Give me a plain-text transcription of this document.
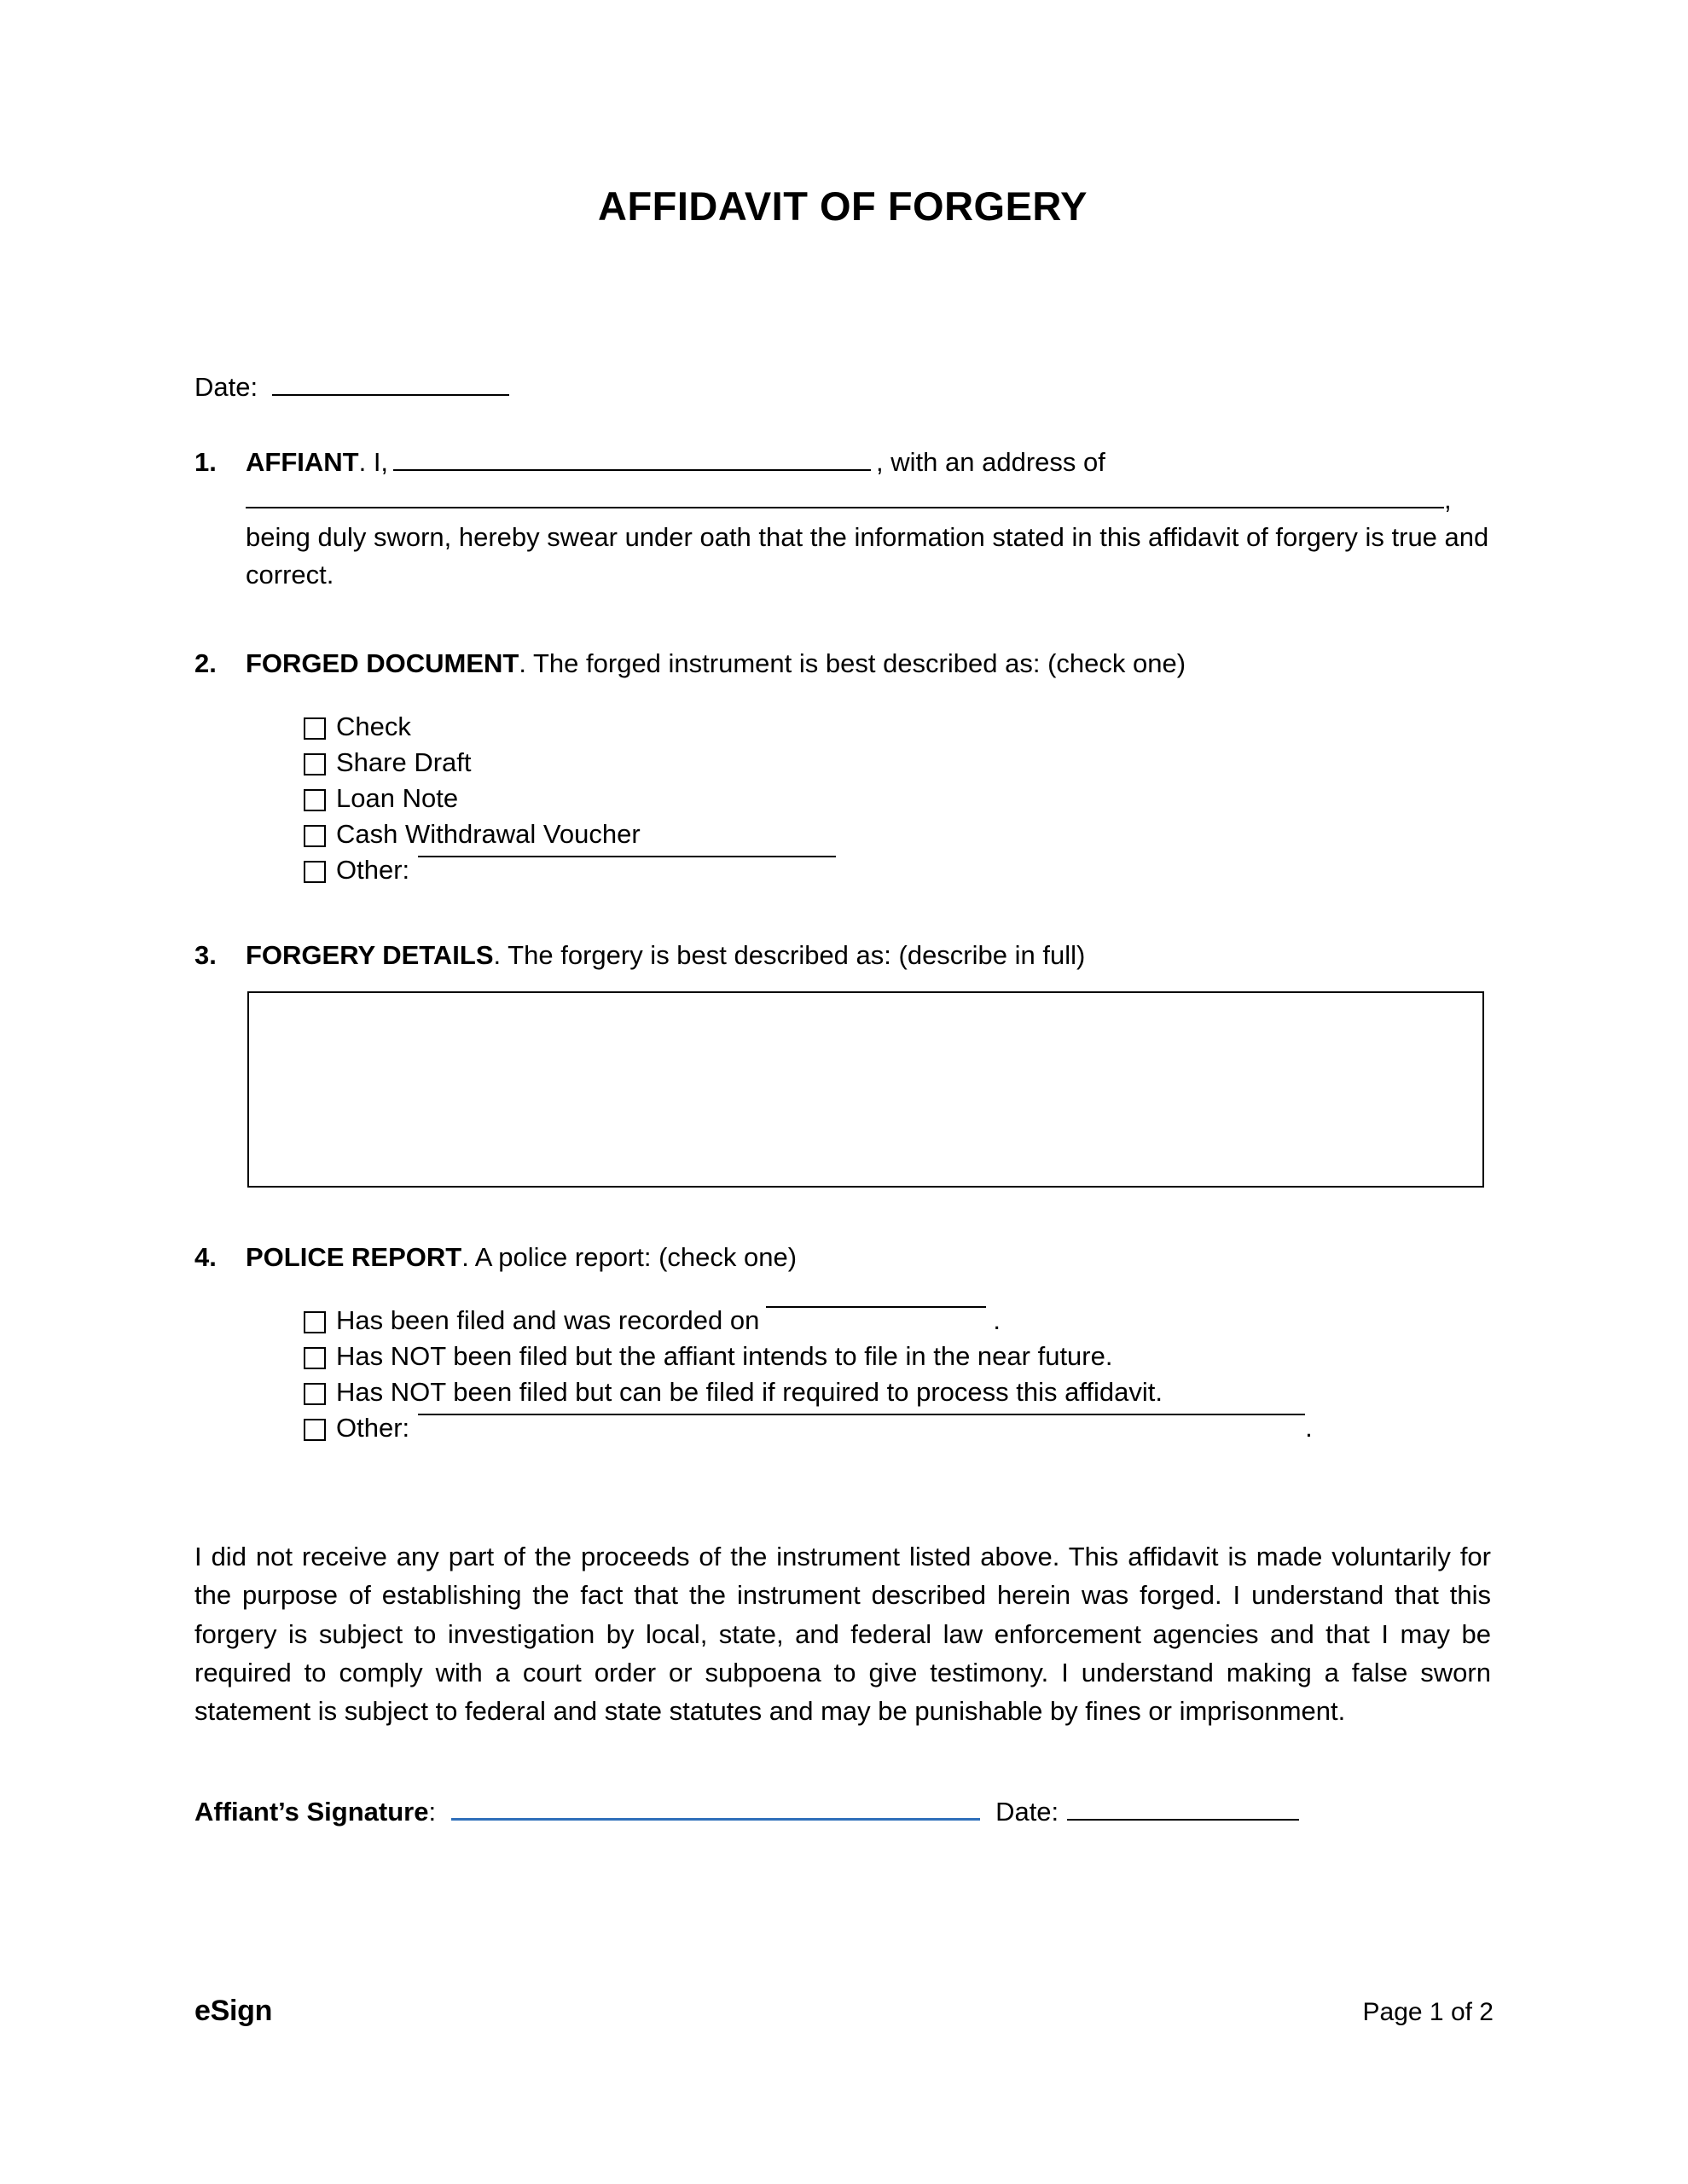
AFFIDAVIT OF FORGERY
Date:
1. AFFIANT. I,	, with an address of
,
being duly sworn, hereby swear under oath that the information stated in this affidavit of forgery is true and correct.
2. FORGED DOCUMENT. The forged instrument is best described as: (check one)
Check
Share Draft
Loan Note
Cash Withdrawal Voucher
Other:
3. FORGERY DETAILS. The forgery is best described as: (describe in full)
4. POLICE REPORT. A police report: (check one)
Has been filed and was recorded on	.
Has NOT been filed but the affiant intends to file in the near future.
Has NOT been filed but can be filed if required to process this affidavit.
Other:	.
I did not receive any part of the proceeds of the instrument listed above. This affidavit is made voluntarily for the purpose of establishing the fact that the instrument described herein was forged. I understand that this forgery is subject to investigation by local, state, and federal law enforcement agencies and that I may be required to comply with a court order or subpoena to give testimony. I understand making a false sworn statement is subject to federal and state statutes and may be punishable by fines or imprisonment.
Affiant’s Signature :	Date:
eSign	Page 1 of 2
